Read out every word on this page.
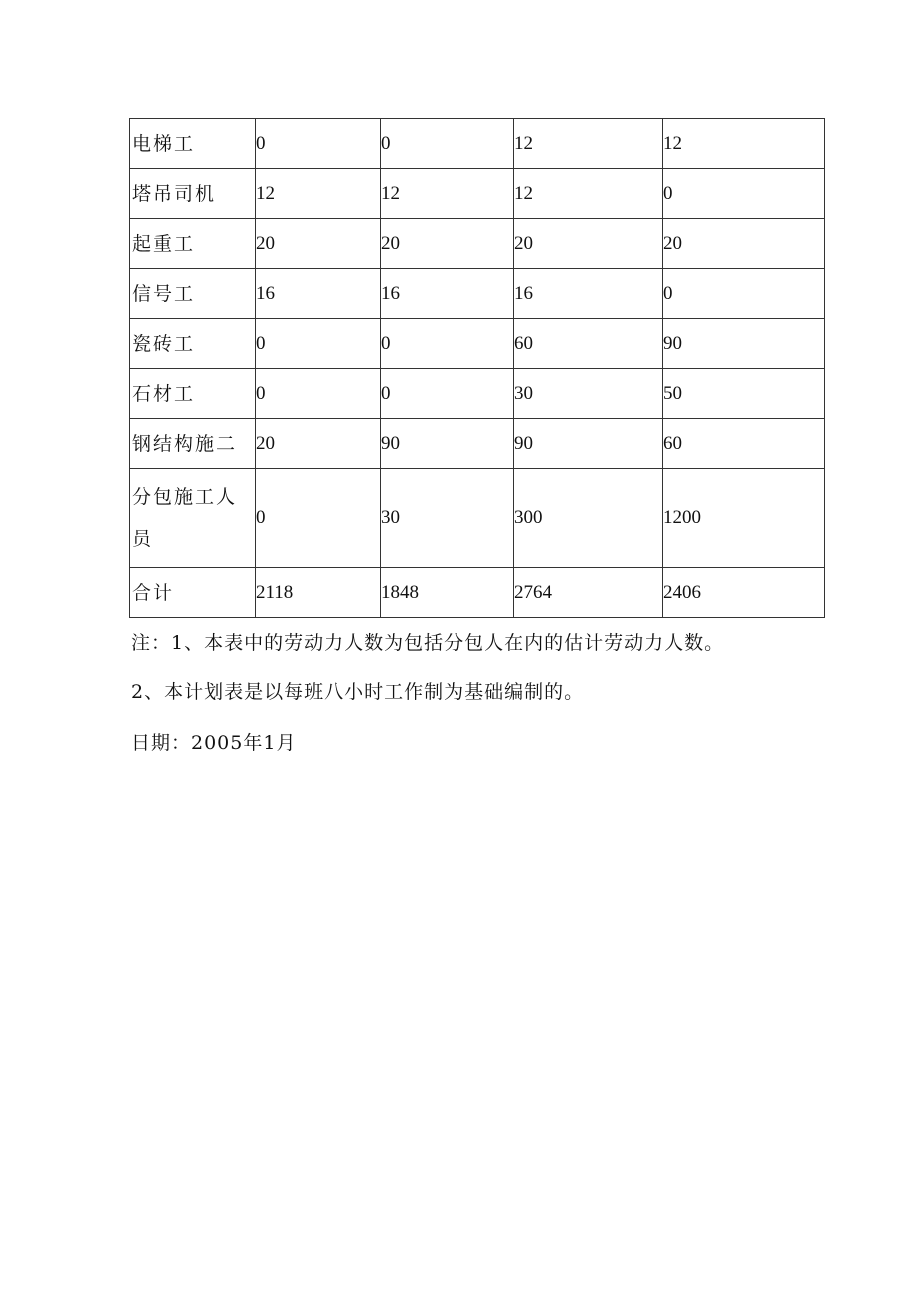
电梯工	0	0	12	12
塔吊司机	12	12	12	0
起重工	20	20	20	20
信号工	16	16	16	0
瓷砖工	0	0	60	90
石材工	0	0	30	50
钢结构施二	20	90	90	60
分包施工人员	0	30	300	1200
合计	2118	1848	2764	2406
注：1、本表中的劳动力人数为包括分包人在内的估计劳动力人数。
2、本计划表是以每班八小时工作制为基础编制的。
日期：2005年1月
